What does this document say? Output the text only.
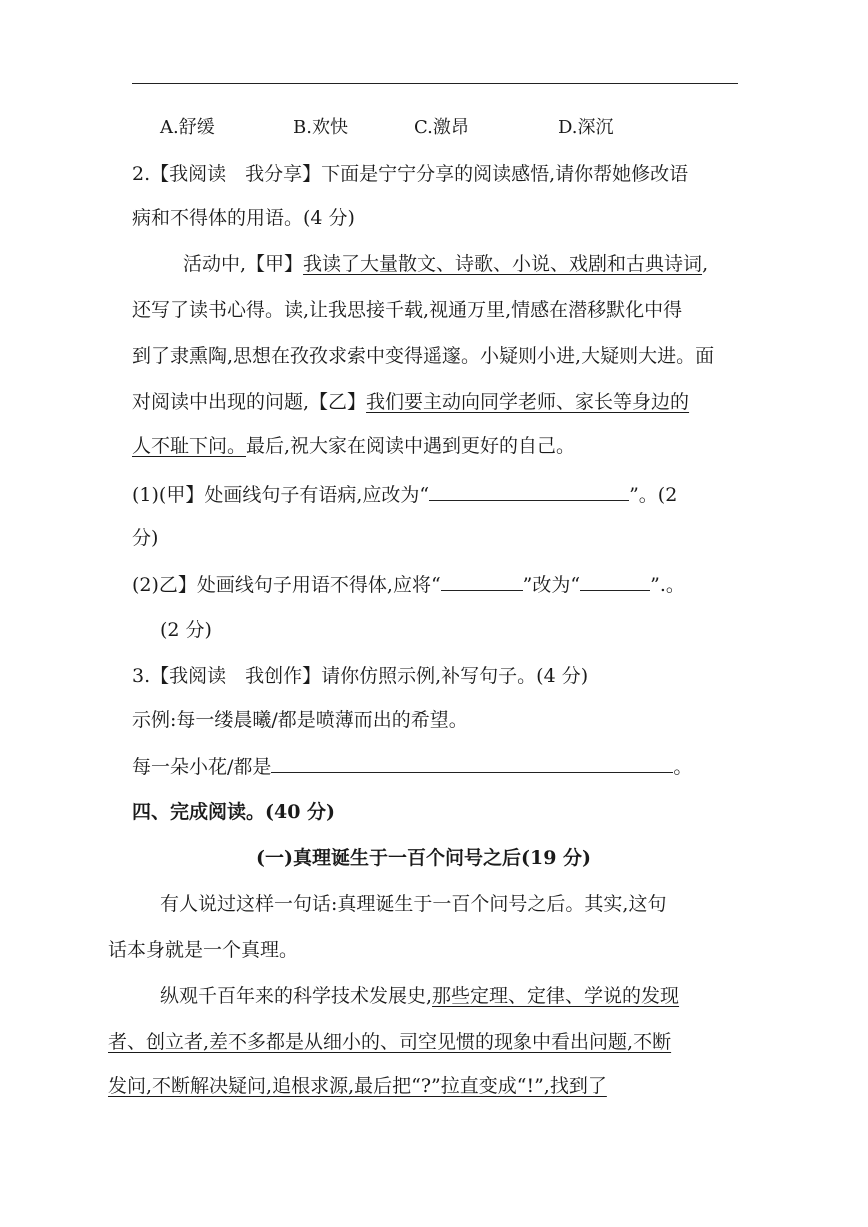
A.舒缓	B.欢快	C.激昂	D.深沉
2.【我阅读　我分享】下面是宁宁分享的阅读感悟,请你帮她修改语
病和不得体的用语。(4 分)
活动中,【甲】我读了大量散文、诗歌、小说、戏剧和古典诗词,
还写了读书心得。读,让我思接千载,视通万里,情感在潜移默化中得
到了隶熏陶,思想在孜孜求索中变得遥邃。小疑则小进,大疑则大进。面
对阅读中出现的问题,【乙】我们要主动向同学老师、家长等身边的
人不耻下问。最后,祝大家在阅读中遇到更好的自己。
(1)(甲】处画线句子有语病,应改为“	”。(2
分)
(2)乙】处画线句子用语不得体,应将“	”改为“	”.。
(2 分)
3.【我阅读　我创作】请你仿照示例,补写句子。(4 分)
示例:每一缕晨曦/都是喷薄而出的希望。
每一朵小花/都是	。
四、完成阅读。(40 分)
(一)真理诞生于一百个问号之后(19 分)
有人说过这样一句话:真理诞生于一百个问号之后。其实,这句
话本身就是一个真理。
纵观千百年来的科学技术发展史,那些定理、定律、学说的发现
者、创立者,差不多都是从细小的、司空见惯的现象中看出问题,不断
发问,不断解决疑问,追根求源,最后把“?”拉直变成“!”,找到了
